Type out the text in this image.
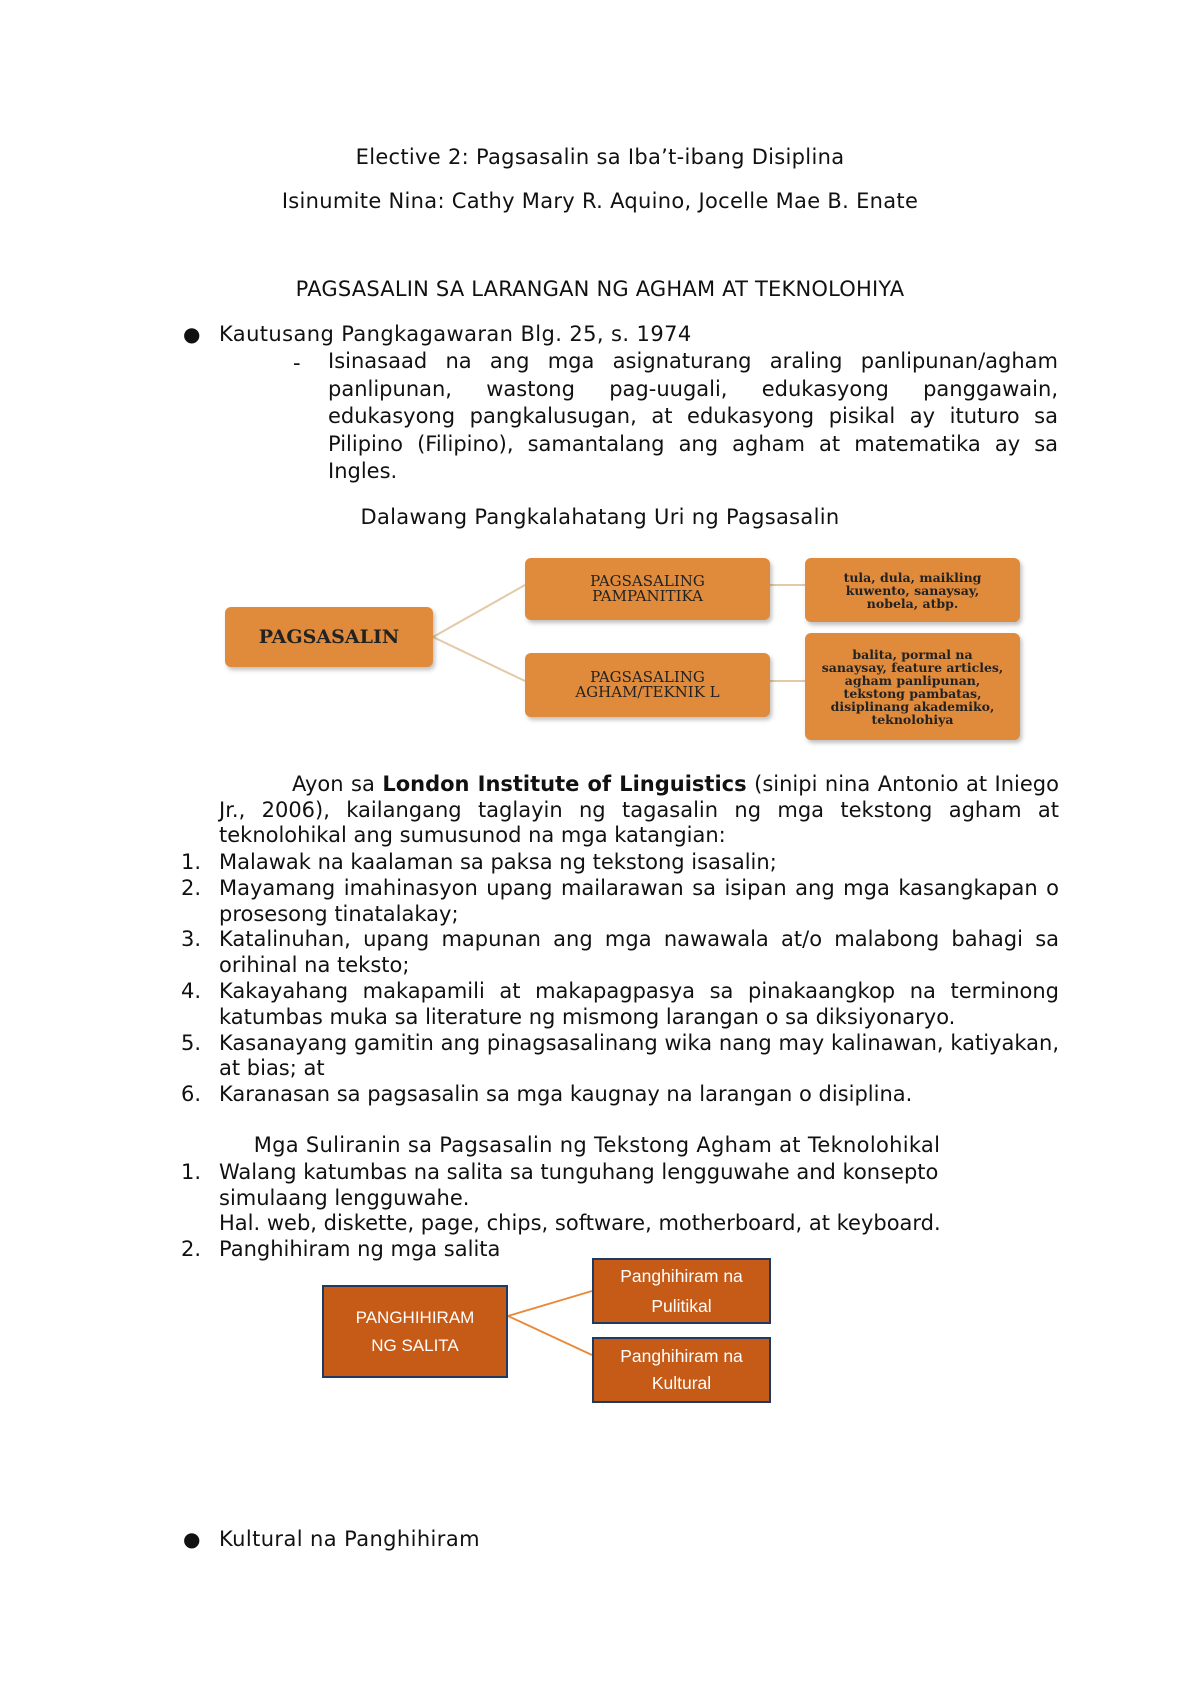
Elective 2: Pagsasalin sa Iba’t-ibang Disiplina
Isinumite Nina: Cathy Mary R. Aquino, Jocelle Mae B. Enate
PAGSASALIN SA LARANGAN NG AGHAM AT TEKNOLOHIYA
● Kautusang Pangkagawaran Blg. 25, s. 1974
- Isinasaad na ang mga asignaturang araling panlipunan/agham panlipunan, wastong pag-uugali, edukasyong panggawain, edukasyong pangkalusugan, at edukasyong pisikal ay ituturo sa Pilipino (Filipino), samantalang ang agham at matematika ay sa Ingles.
Dalawang Pangkalahatang Uri ng Pagsasalin
PAGSASALIN
PAGSASALING PAMPANITIKA
PAGSASALING AGHAM/TEKNIK L
tula, dula, maikling kuwento, sanaysay, nobela, atbp.
balita, pormal na sanaysay, feature articles, agham panlipunan, tekstong pambatas, disiplinang akademiko, teknolohiya
Ayon sa London Institute of Linguistics (sinipi nina Antonio at Iniego Jr., 2006), kailangang taglayin ng tagasalin ng mga tekstong agham at teknolohikal ang sumusunod na mga katangian:
1. Malawak na kaalaman sa paksa ng tekstong isasalin;
2. Mayamang imahinasyon upang mailarawan sa isipan ang mga kasangkapan o prosesong tinatalakay;
3. Katalinuhan, upang mapunan ang mga nawawala at/o malabong bahagi sa orihinal na teksto;
4. Kakayahang makapamili at makapagpasya sa pinakaangkop na terminong katumbas muka sa literature ng mismong larangan o sa diksiyonaryo.
5. Kasanayang gamitin ang pinagsasalinang wika nang may kalinawan, katiyakan, at bias; at
6. Karanasan sa pagsasalin sa mga kaugnay na larangan o disiplina.
Mga Suliranin sa Pagsasalin ng Tekstong Agham at Teknolohikal
1. Walang katumbas na salita sa tunguhang lengguwahe and konsepto simulaang lengguwahe.
Hal. web, diskette, page, chips, software, motherboard, at keyboard.
2. Panghihiram ng mga salita
PANGHIHIRAM NG SALITA
Panghihiram na Pulitikal
Panghihiram na Kultural
● Kultural na Panghihiram
